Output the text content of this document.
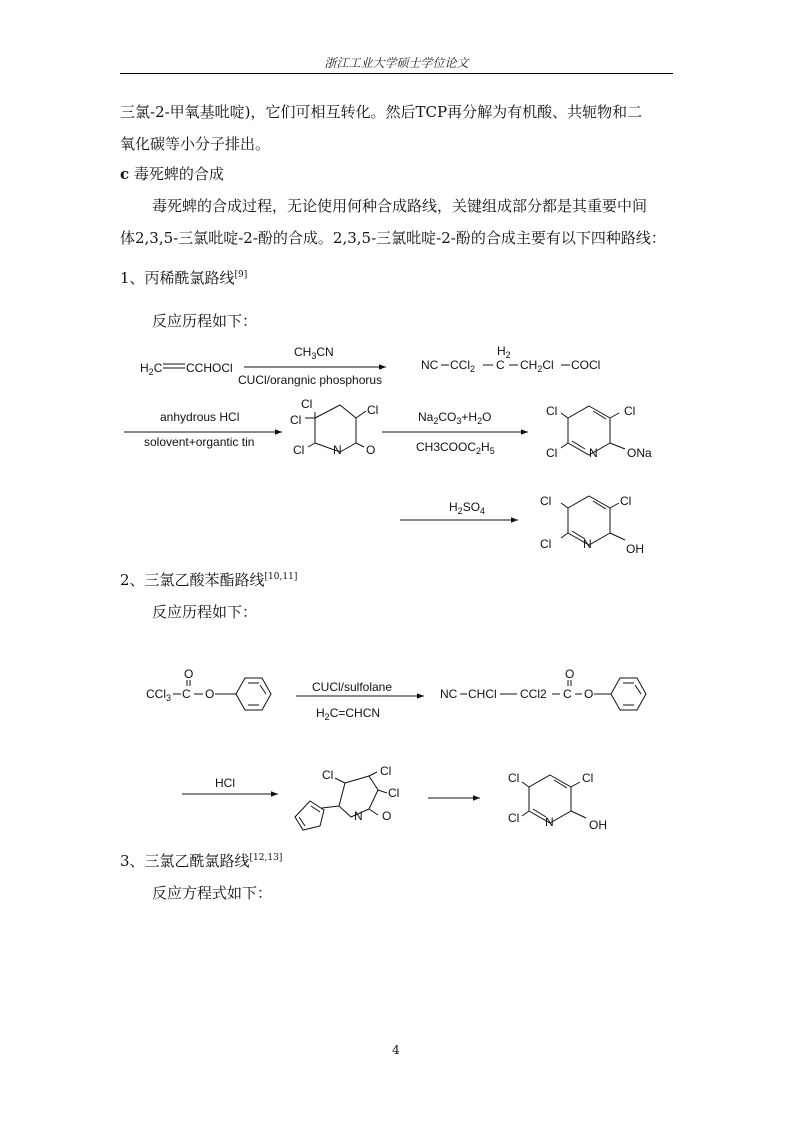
浙江工业大学硕士学位论文
三氯-2-甲氧基吡啶)，它们可相互转化。然后TCP再分解为有机酸、共轭物和二
氧化碳等小分子排出。
c 毒死蜱的合成
毒死蜱的合成过程，无论使用何种合成路线，关键组成部分都是其重要中间
体2,3,5-三氯吡啶-2-酚的合成。2,3,5-三氯吡啶-2-酚的合成主要有以下四种路线：
1、丙稀酰氯路线[9]
反应历程如下：
2、三氯乙酸苯酯路线[10,11]
反应历程如下：
3、三氯乙酰氯路线[12,13]
反应方程式如下：
$H_2C$ CCHOCl
$CH_3CN$
CUCl/orangnic phosphorus
NC CCl$_2$ C
$H_2$
$CH_2Cl$ COCl
anhydrous HCl
solovent+organtic tin
Cl
Cl
Cl
Cl N O
$Na_2CO_3+H_2O$
$CH3COOC_2H_5$
Cl	Cl
Cl	N ONa
$H_2SO_4$
Cl	Cl
Cl	N	OH
CCl$_3$ C
O
O	CUCl/sulfolane
$H_2C=CHCN$
NC CHCl CCl2 C
O
O
HCl
Cl	Cl
Cl
N O
Cl	Cl
Cl N	OH
4
